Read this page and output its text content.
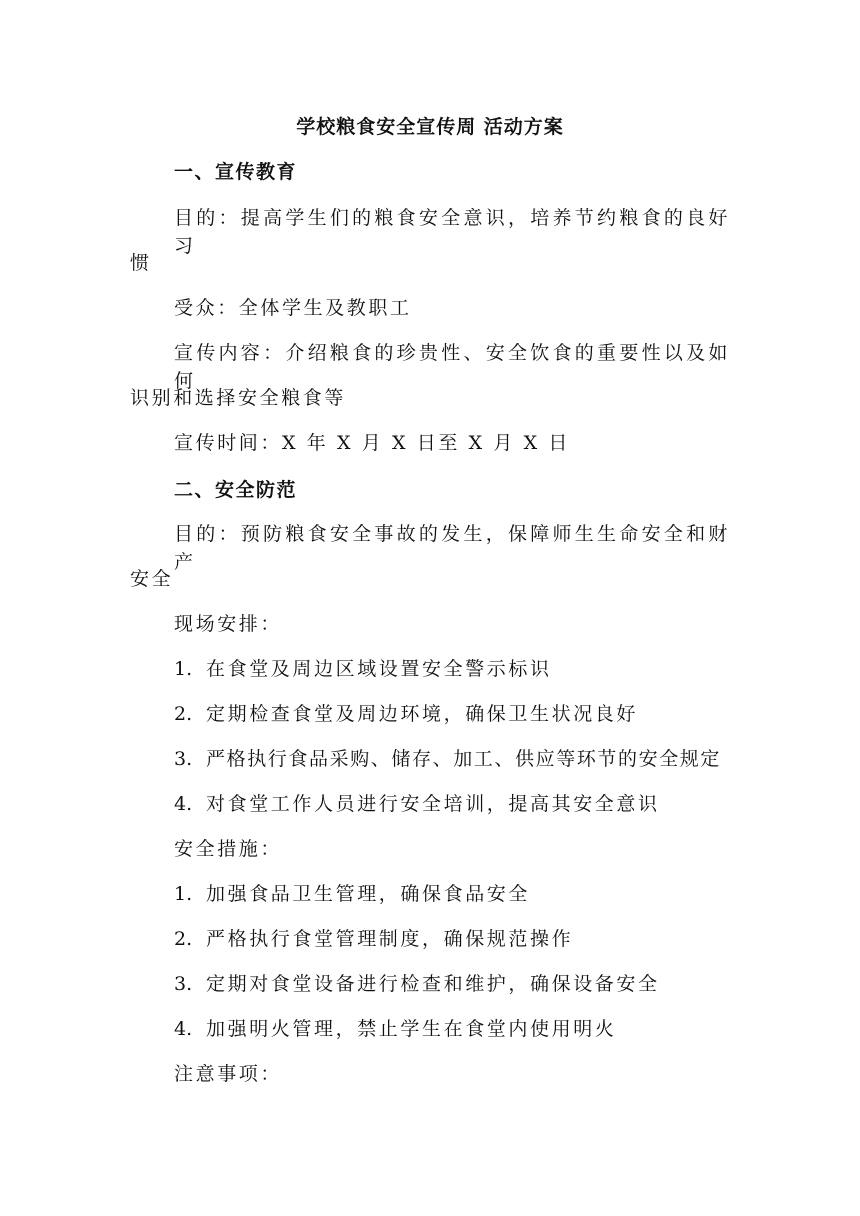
学校粮食安全宣传周 活动方案
一、宣传教育
目的：提高学生们的粮食安全意识，培养节约粮食的良好习
惯
受众：全体学生及教职工
宣传内容：介绍粮食的珍贵性、安全饮食的重要性以及如何
识别和选择安全粮食等
宣传时间：X 年 X 月 X 日至 X 月 X 日
二、安全防范
目的：预防粮食安全事故的发生，保障师生生命安全和财产
安全
现场安排：
1. 在食堂及周边区域设置安全警示标识
2. 定期检查食堂及周边环境，确保卫生状况良好
3. 严格执行食品采购、储存、加工、供应等环节的安全规定
4. 对食堂工作人员进行安全培训，提高其安全意识
安全措施：
1. 加强食品卫生管理，确保食品安全
2. 严格执行食堂管理制度，确保规范操作
3. 定期对食堂设备进行检查和维护，确保设备安全
4. 加强明火管理，禁止学生在食堂内使用明火
注意事项：
